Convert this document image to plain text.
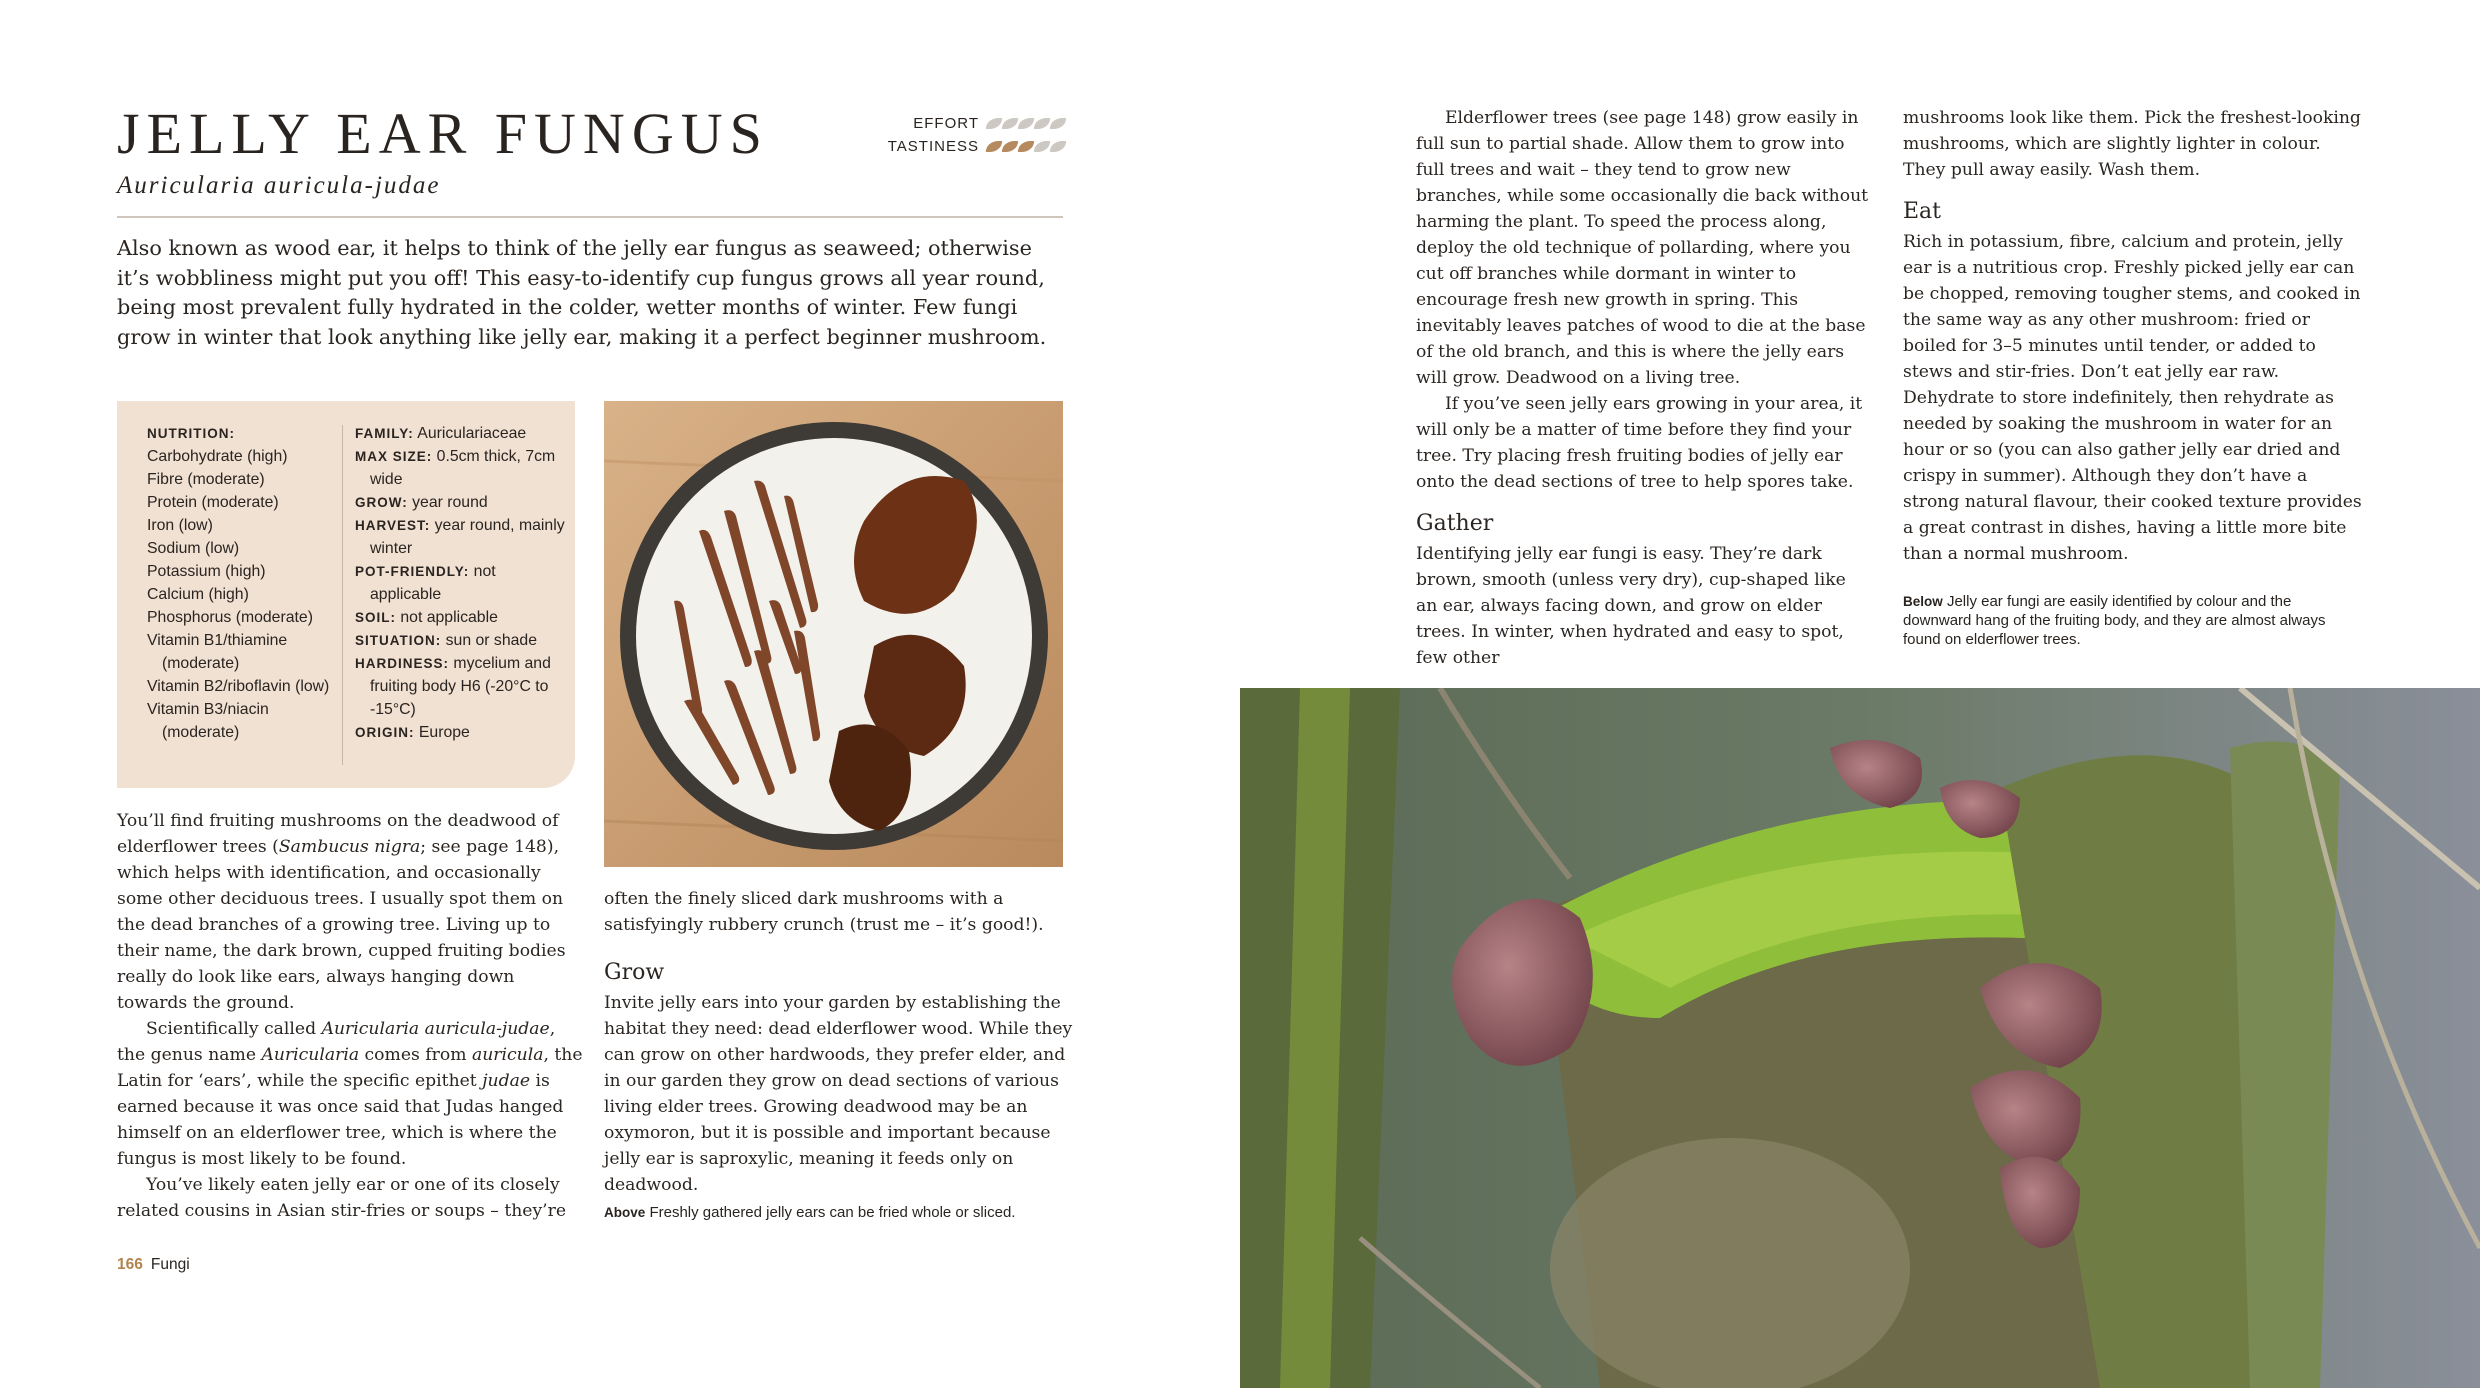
JELLY EAR FUNGUS	EFFORT
TASTINESS
Auricularia auricula-judae

Also known as wood ear, it helps to think of the jelly ear fungus as seaweed; otherwise it’s wobbliness might put you off! This easy-to-identify cup fungus grows all year round, being most prevalent fully hydrated in the colder, wetter months of winter. Few fungi grow in winter that look anything like jelly ear, making it a perfect beginner mushroom.

NUTRITION:
Carbohydrate (high)
Fibre (moderate)
Protein (moderate)
Iron (low)
Sodium (low)
Potassium (high)
Calcium (high)
Phosphorus (moderate)
Vitamin B1/thiamine (moderate)
Vitamin B2/riboflavin (low)
Vitamin B3/niacin (moderate)
FAMILY: Auriculariaceae
MAX SIZE: 0.5cm thick, 7cm wide
GROW: year round
HARVEST: year round, mainly winter
POT-FRIENDLY: not applicable
SOIL: not applicable
SITUATION: sun or shade
HARDINESS: mycelium and fruiting body H6 (-20°C to -15°C)
ORIGIN: Europe

You’ll find fruiting mushrooms on the deadwood of elderflower trees (Sambucus nigra; see page 148), which helps with identification, and occasionally some other deciduous trees. I usually spot them on the dead branches of a growing tree. Living up to their name, the dark brown, cupped fruiting bodies really do look like ears, always hanging down towards the ground.

Scientifically called Auricularia auricula-judae, the genus name Auricularia comes from auricula, the Latin for ‘ears’, while the specific epithet judae is earned because it was once said that Judas hanged himself on an elderflower tree, which is where the fungus is most likely to be found.

You’ve likely eaten jelly ear or one of its closely related cousins in Asian stir-fries or soups – they’re

often the finely sliced dark mushrooms with a satisfyingly rubbery crunch (trust me – it’s good!).

Grow

Invite jelly ears into your garden by establishing the habitat they need: dead elderflower wood. While they can grow on other hardwoods, they prefer elder, and in our garden they grow on dead sections of various living elder trees. Growing deadwood may be an oxymoron, but it is possible and important because jelly ear is saproxylic, meaning it feeds only on deadwood.

Above Freshly gathered jelly ears can be fried whole or sliced.
166 Fungi

Elderflower trees (see page 148) grow easily in full sun to partial shade. Allow them to grow into full trees and wait – they tend to grow new branches, while some occasionally die back without harming the plant. To speed the process along, deploy the old technique of pollarding, where you cut off branches while dormant in winter to encourage fresh new growth in spring. This inevitably leaves patches of wood to die at the base of the old branch, and this is where the jelly ears will grow. Deadwood on a living tree.

If you’ve seen jelly ears growing in your area, it will only be a matter of time before they find your tree. Try placing fresh fruiting bodies of jelly ear onto the dead sections of tree to help spores take.

Gather

Identifying jelly ear fungi is easy. They’re dark brown, smooth (unless very dry), cup-shaped like an ear, always facing down, and grow on elder trees. In winter, when hydrated and easy to spot, few other

mushrooms look like them. Pick the freshest-looking mushrooms, which are slightly lighter in colour. They pull away easily. Wash them.

Eat

Rich in potassium, fibre, calcium and protein, jelly ear is a nutritious crop. Freshly picked jelly ear can be chopped, removing tougher stems, and cooked in the same way as any other mushroom: fried or boiled for 3–5 minutes until tender, or added to stews and stir-fries. Don’t eat jelly ear raw. Dehydrate to store indefinitely, then rehydrate as needed by soaking the mushroom in water for an hour or so (you can also gather jelly ear dried and crispy in summer). Although they don’t have a strong natural flavour, their cooked texture provides a great contrast in dishes, having a little more bite than a normal mushroom.

Below Jelly ear fungi are easily identified by colour and the downward hang of the fruiting body, and they are almost always found on elderflower trees.
